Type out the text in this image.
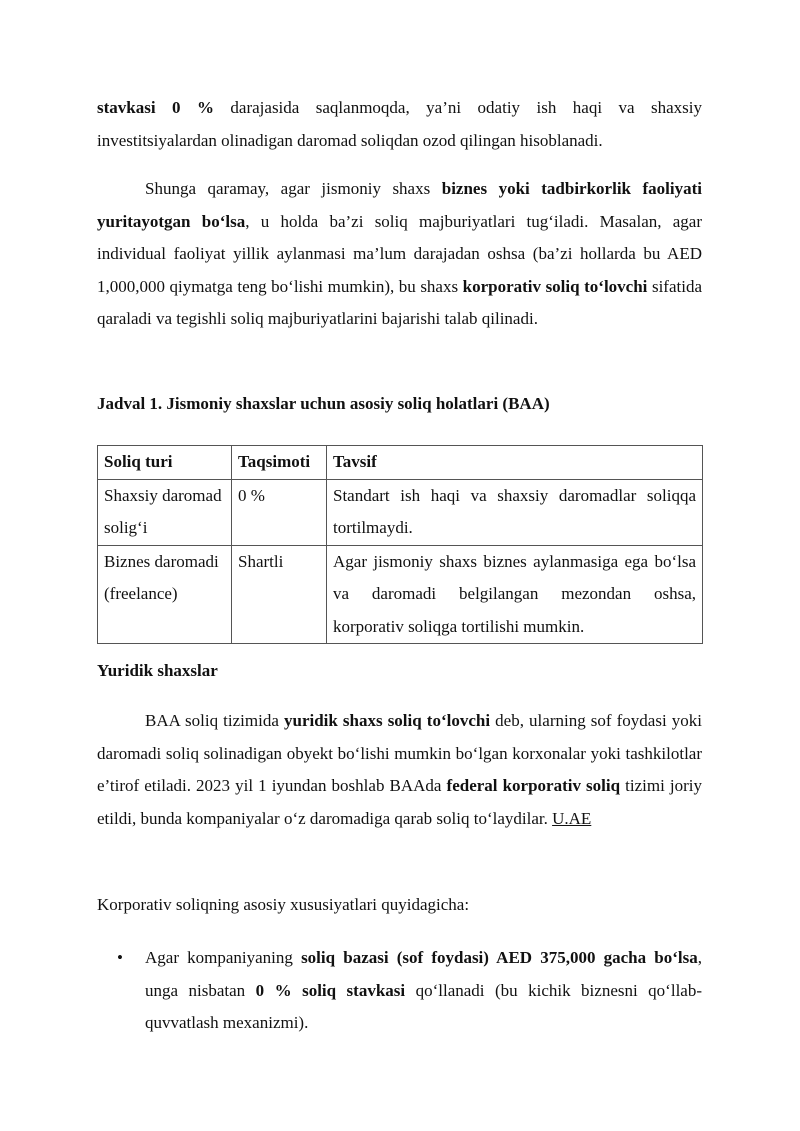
stavkasi 0 % darajasida saqlanmoqda, ya’ni odatiy ish haqi va shaxsiy investitsiyalardan olinadigan daromad soliqdan ozod qilingan hisoblanadi.

Shunga qaramay, agar jismoniy shaxs biznes yoki tadbirkorlik faoliyati yuritayotgan bo‘lsa, u holda ba’zi soliq majburiyatlari tug‘iladi. Masalan, agar individual faoliyat yillik aylanmasi ma’lum darajadan oshsa (ba’zi hollarda bu AED 1,000,000 qiymatga teng bo‘lishi mumkin), bu shaxs korporativ soliq to‘lovchi sifatida qaraladi va tegishli soliq majburiyatlarini bajarishi talab qilinadi.

Jadval 1. Jismoniy shaxslar uchun asosiy soliq holatlari (BAA)
Soliq turi	Taqsimoti	Tavsif
Shaxsiy daromad solig‘i	0 %	Standart ish haqi va shaxsiy daromadlar soliqqa tortilmaydi.
Biznes daromadi (freelance)	Shartli	Agar jismoniy shaxs biznes aylanmasiga ega bo‘lsa va daromadi belgilangan mezondan oshsa, korporativ soliqga tortilishi mumkin.
Yuridik shaxslar

BAA soliq tizimida yuridik shaxs soliq to‘lovchi deb, ularning sof foydasi yoki daromadi soliq solinadigan obyekt bo‘lishi mumkin bo‘lgan korxonalar yoki tashkilotlar e’tirof etiladi. 2023 yil 1 iyundan boshlab BAAda federal korporativ soliq tizimi joriy etildi, bunda kompaniyalar o‘z daromadiga qarab soliq to‘laydilar. U.AE

Korporativ soliqning asosiy xususiyatlari quyidagicha:
• Agar kompaniyaning soliq bazasi (sof foydasi) AED 375,000 gacha bo‘lsa, unga nisbatan 0 % soliq stavkasi qo‘llanadi (bu kichik biznesni qo‘llab-quvvatlash mexanizmi).
